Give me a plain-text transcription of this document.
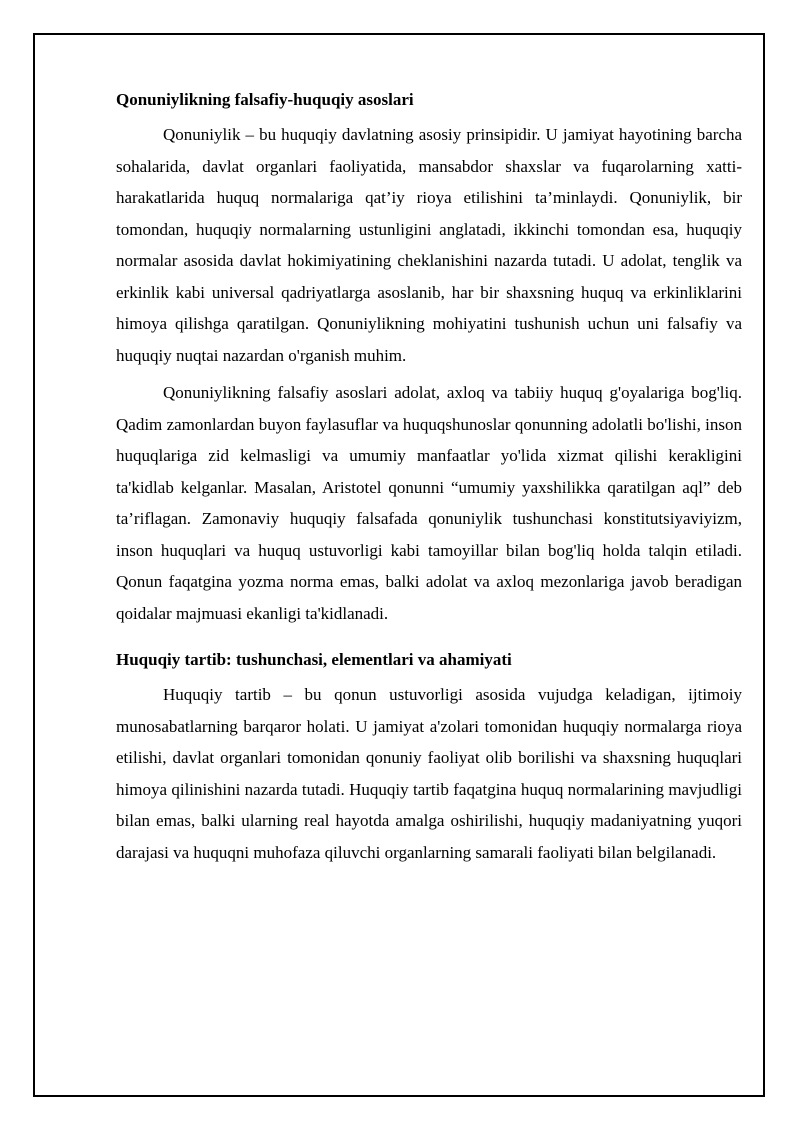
Qonuniylikning falsafiy-huquqiy asoslari

Qonuniylik – bu huquqiy davlatning asosiy prinsipidir. U jamiyat hayotining barcha sohalarida, davlat organlari faoliyatida, mansabdor shaxslar va fuqarolarning xatti-harakatlarida huquq normalariga qat’iy rioya etilishini ta’minlaydi. Qonuniylik, bir tomondan, huquqiy normalarning ustunligini anglatadi, ikkinchi tomondan esa, huquqiy normalar asosida davlat hokimiyatining cheklanishini nazarda tutadi. U adolat, tenglik va erkinlik kabi universal qadriyatlarga asoslanib, har bir shaxsning huquq va erkinliklarini himoya qilishga qaratilgan. Qonuniylikning mohiyatini tushunish uchun uni falsafiy va huquqiy nuqtai nazardan o'rganish muhim.

Qonuniylikning falsafiy asoslari adolat, axloq va tabiiy huquq g'oyalariga bog'liq. Qadim zamonlardan buyon faylasuflar va huquqshunoslar qonunning adolatli bo'lishi, inson huquqlariga zid kelmasligi va umumiy manfaatlar yo'lida xizmat qilishi kerakligini ta'kidlab kelganlar. Masalan, Aristotel qonunni “umumiy yaxshilikka qaratilgan aql” deb ta’riflagan. Zamonaviy huquqiy falsafada qonuniylik tushunchasi konstitutsiyaviyizm, inson huquqlari va huquq ustuvorligi kabi tamoyillar bilan bog'liq holda talqin etiladi. Qonun faqatgina yozma norma emas, balki adolat va axloq mezonlariga javob beradigan qoidalar majmuasi ekanligi ta'kidlanadi.

Huquqiy tartib: tushunchasi, elementlari va ahamiyati

Huquqiy tartib – bu qonun ustuvorligi asosida vujudga keladigan, ijtimoiy munosabatlarning barqaror holati. U jamiyat a'zolari tomonidan huquqiy normalarga rioya etilishi, davlat organlari tomonidan qonuniy faoliyat olib borilishi va shaxsning huquqlari himoya qilinishini nazarda tutadi. Huquqiy tartib faqatgina huquq normalarining mavjudligi bilan emas, balki ularning real hayotda amalga oshirilishi, huquqiy madaniyatning yuqori darajasi va huquqni muhofaza qiluvchi organlarning samarali faoliyati bilan belgilanadi.
